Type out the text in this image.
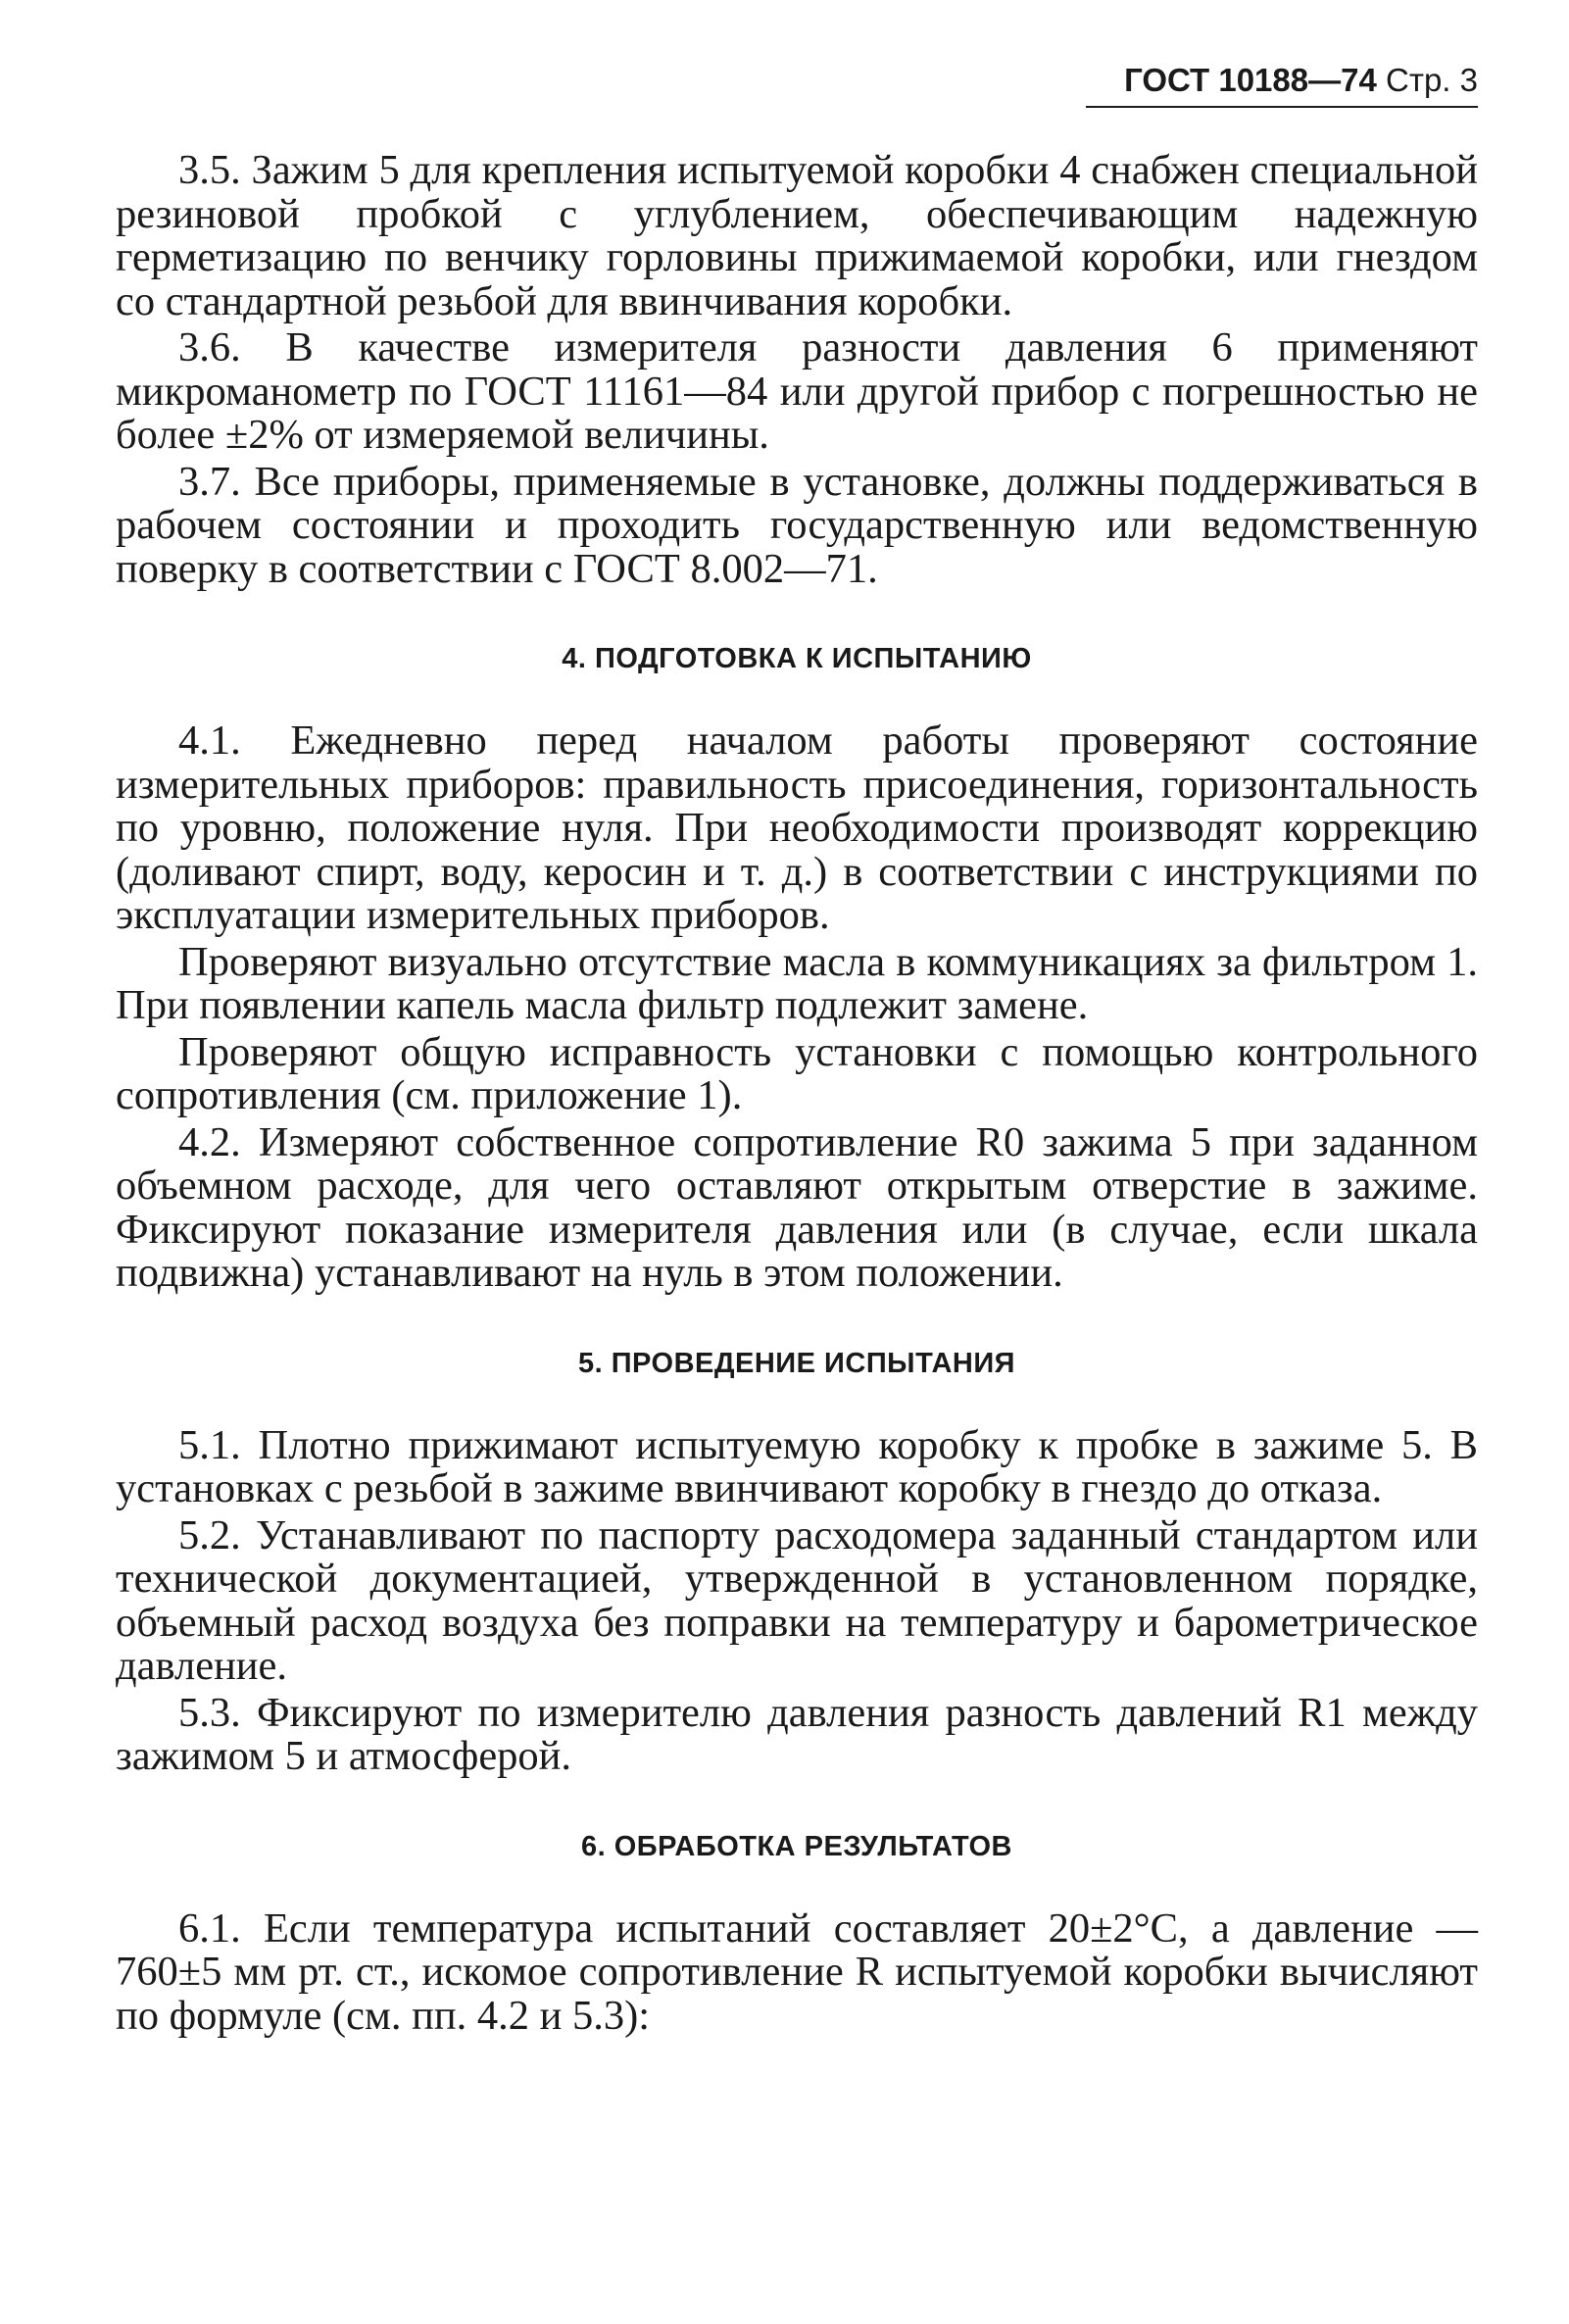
ГОСТ 10188—74 Стр. 3

3.5. Зажим 5 для крепления испытуемой коробки 4 снабжен специальной резиновой пробкой с углублением, обеспечивающим надежную герметизацию по венчику горловины прижимаемой коробки, или гнездом со стандартной резьбой для ввинчивания коробки.

3.6. В качестве измерителя разности давления 6 применяют микроманометр по ГОСТ 11161—84 или другой прибор с погрешностью не более ±2% от измеряемой величины.

3.7. Все приборы, применяемые в установке, должны поддерживаться в рабочем состоянии и проходить государственную или ведомственную поверку в соответствии с ГОСТ 8.002—71.

4. ПОДГОТОВКА К ИСПЫТАНИЮ

4.1. Ежедневно перед началом работы проверяют состояние измерительных приборов: правильность присоединения, горизонтальность по уровню, положение нуля. При необходимости производят коррекцию (доливают спирт, воду, керосин и т. д.) в соответствии с инструкциями по эксплуатации измерительных приборов.

Проверяют визуально отсутствие масла в коммуникациях за фильтром 1. При появлении капель масла фильтр подлежит замене.

Проверяют общую исправность установки с помощью контрольного сопротивления (см. приложение 1).

4.2. Измеряют собственное сопротивление R0 зажима 5 при заданном объемном расходе, для чего оставляют открытым отверстие в зажиме. Фиксируют показание измерителя давления или (в случае, если шкала подвижна) устанавливают на нуль в этом положении.

5. ПРОВЕДЕНИЕ ИСПЫТАНИЯ

5.1. Плотно прижимают испытуемую коробку к пробке в зажиме 5. В установках с резьбой в зажиме ввинчивают коробку в гнездо до отказа.

5.2. Устанавливают по паспорту расходомера заданный стандартом или технической документацией, утвержденной в установленном порядке, объемный расход воздуха без поправки на температуру и барометрическое давление.

5.3. Фиксируют по измерителю давления разность давлений R1 между зажимом 5 и атмосферой.

6. ОБРАБОТКА РЕЗУЛЬТАТОВ

6.1. Если температура испытаний составляет 20±2°С, а давление — 760±5 мм рт. ст., искомое сопротивление R испытуемой коробки вычисляют по формуле (см. пп. 4.2 и 5.3):
